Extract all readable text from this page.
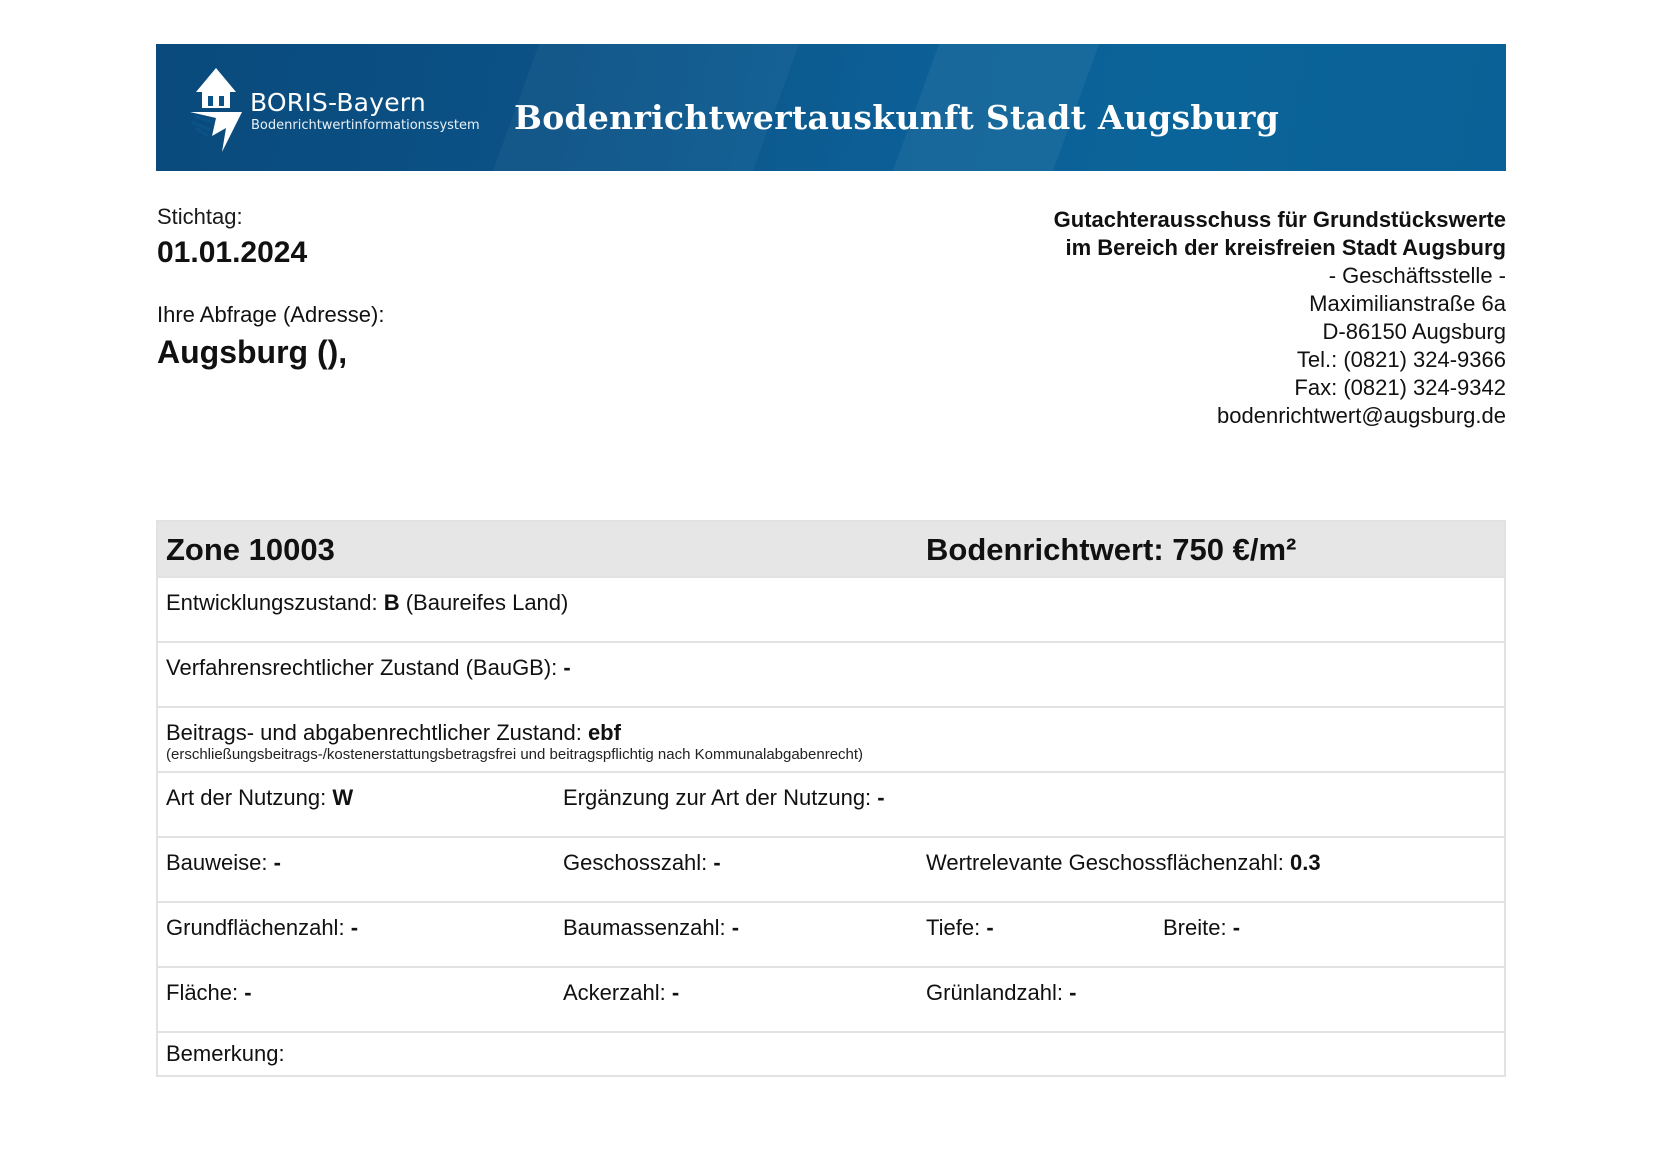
BORIS-Bayern
Bodenrichtwertinformationssystem Bodenrichtwertauskunft Stadt Augsburg
Stichtag:
01.01.2024
Ihre Abfrage (Adresse):
Augsburg (),
Gutachterausschuss für Grundstückswerte
im Bereich der kreisfreien Stadt Augsburg
- Geschäftsstelle -
Maximilianstraße 6a
D-86150 Augsburg
Tel.: (0821) 324-9366
Fax: (0821) 324-9342
bodenrichtwert@augsburg.de
Zone 10003	Bodenrichtwert: 750 €/m²
Entwicklungszustand: B (Baureifes Land)
Verfahrensrechtlicher Zustand (BauGB): -
Beitrags- und abgabenrechtlicher Zustand: ebf
(erschließungsbeitrags-/kostenerstattungsbetragsfrei und beitragspflichtig nach Kommunalabgabenrecht)
Art der Nutzung: W	Ergänzung zur Art der Nutzung: -
Bauweise: -	Geschosszahl: -	Wertrelevante Geschossflächenzahl: 0.3
Grundflächenzahl: -	Baumassenzahl: -	Tiefe: -	Breite: -
Fläche: -	Ackerzahl: -	Grünlandzahl: -
Bemerkung:
